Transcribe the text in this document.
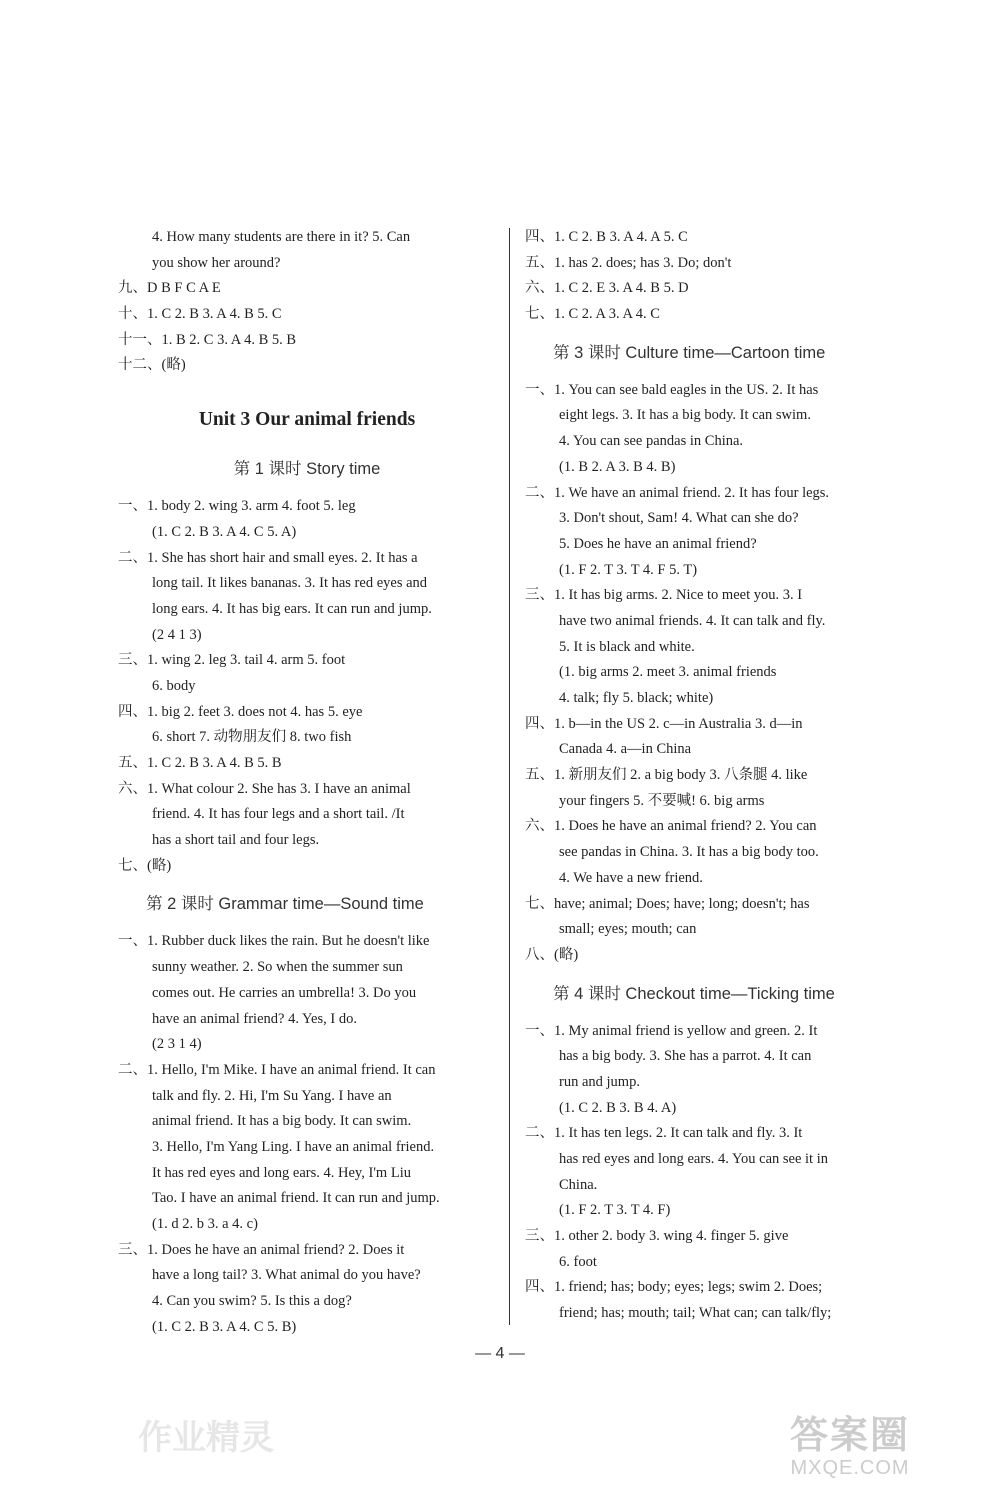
4. How many students are there in it? 5. Can
you show her around?
九、D B F C A E
十、1. C 2. B 3. A 4. B 5. C
十一、1. B 2. C 3. A 4. B 5. B
十二、(略)
Unit 3 Our animal friends
第 1 课时 Story time
一、1. body 2. wing 3. arm 4. foot 5. leg
(1. C 2. B 3. A 4. C 5. A)
二、1. She has short hair and small eyes. 2. It has a
long tail. It likes bananas. 3. It has red eyes and
long ears. 4. It has big ears. It can run and jump.
(2 4 1 3)
三、1. wing 2. leg 3. tail 4. arm 5. foot
6. body
四、1. big 2. feet 3. does not 4. has 5. eye
6. short 7. 动物朋友们 8. two fish
五、1. C 2. B 3. A 4. B 5. B
六、1. What colour 2. She has 3. I have an animal
friend. 4. It has four legs and a short tail. /It
has a short tail and four legs.
七、(略)
第 2 课时 Grammar time—Sound time
一、1. Rubber duck likes the rain. But he doesn't like
sunny weather. 2. So when the summer sun
comes out. He carries an umbrella! 3. Do you
have an animal friend? 4. Yes, I do.
(2 3 1 4)
二、1. Hello, I'm Mike. I have an animal friend. It can
talk and fly. 2. Hi, I'm Su Yang. I have an
animal friend. It has a big body. It can swim.
3. Hello, I'm Yang Ling. I have an animal friend.
It has red eyes and long ears. 4. Hey, I'm Liu
Tao. I have an animal friend. It can run and jump.
(1. d 2. b 3. a 4. c)
三、1. Does he have an animal friend? 2. Does it
have a long tail? 3. What animal do you have?
4. Can you swim? 5. Is this a dog?
(1. C 2. B 3. A 4. C 5. B)
四、1. C 2. B 3. A 4. A 5. C
五、1. has 2. does; has 3. Do; don't
六、1. C 2. E 3. A 4. B 5. D
七、1. C 2. A 3. A 4. C
第 3 课时 Culture time—Cartoon time
一、1. You can see bald eagles in the US. 2. It has
eight legs. 3. It has a big body. It can swim.
4. You can see pandas in China.
(1. B 2. A 3. B 4. B)
二、1. We have an animal friend. 2. It has four legs.
3. Don't shout, Sam! 4. What can she do?
5. Does he have an animal friend?
(1. F 2. T 3. T 4. F 5. T)
三、1. It has big arms. 2. Nice to meet you. 3. I
have two animal friends. 4. It can talk and fly.
5. It is black and white.
(1. big arms 2. meet 3. animal friends
4. talk; fly 5. black; white)
四、1. b—in the US 2. c—in Australia 3. d—in
Canada 4. a—in China
五、1. 新朋友们 2. a big body 3. 八条腿 4. like
your fingers 5. 不要喊! 6. big arms
六、1. Does he have an animal friend? 2. You can
see pandas in China. 3. It has a big body too.
4. We have a new friend.
七、have; animal; Does; have; long; doesn't; has
small; eyes; mouth; can
八、(略)
第 4 课时 Checkout time—Ticking time
一、1. My animal friend is yellow and green. 2. It
has a big body. 3. She has a parrot. 4. It can
run and jump.
(1. C 2. B 3. B 4. A)
二、1. It has ten legs. 2. It can talk and fly. 3. It
has red eyes and long ears. 4. You can see it in
China.
(1. F 2. T 3. T 4. F)
三、1. other 2. body 3. wing 4. finger 5. give
6. foot
四、1. friend; has; body; eyes; legs; swim 2. Does;
friend; has; mouth; tail; What can; can talk/fly;
— 4 —
作业精灵	答案圈
MXQE.COM
